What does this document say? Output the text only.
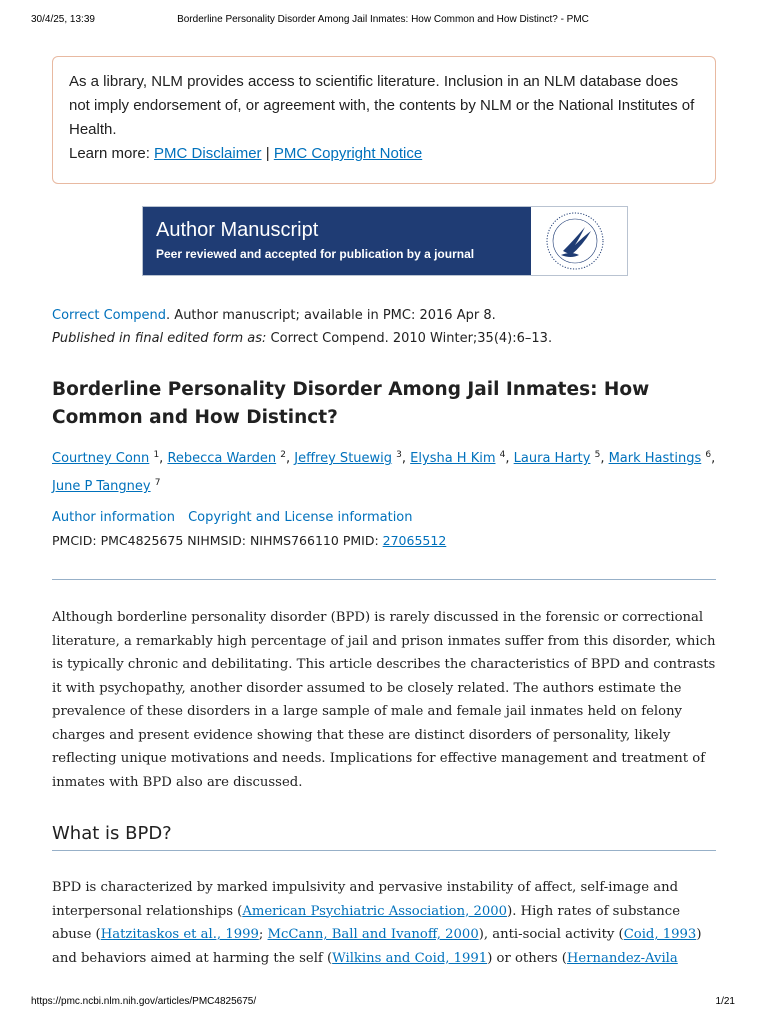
30/4/25, 13:39	Borderline Personality Disorder Among Jail Inmates: How Common and How Distinct? - PMC
As a library, NLM provides access to scientific literature. Inclusion in an NLM database does not imply endorsement of, or agreement with, the contents by NLM or the National Institutes of Health.
Learn more: PMC Disclaimer | PMC Copyright Notice
Author Manuscript
Peer reviewed and accepted for publication by a journal
Correct Compend. Author manuscript; available in PMC: 2016 Apr 8.
Published in final edited form as: Correct Compend. 2010 Winter;35(4):6–13.
Borderline Personality Disorder Among Jail Inmates: How Common and How Distinct?
Courtney Conn $^1$, Rebecca Warden $^2$, Jeffrey Stuewig $^3$, Elysha H Kim $^4$, Laura Harty $^5$, Mark Hastings $^6$,
June P Tangney $^7$
Author information Copyright and License information
PMCID: PMC4825675 NIHMSID: NIHMS766110 PMID: 27065512

Although borderline personality disorder (BPD) is rarely discussed in the forensic or correctional literature, a remarkably high percentage of jail and prison inmates suffer from this disorder, which is typically chronic and debilitating. This article describes the characteristics of BPD and contrasts it with psychopathy, another disorder assumed to be closely related. The authors estimate the prevalence of these disorders in a large sample of male and female jail inmates held on felony charges and present evidence showing that these are distinct disorders of personality, likely reflecting unique motivations and needs. Implications for effective management and treatment of inmates with BPD also are discussed.

What is BPD?

BPD is characterized by marked impulsivity and pervasive instability of affect, self-image and interpersonal relationships (American Psychiatric Association, 2000). High rates of substance abuse (Hatzitaskos et al., 1999; McCann, Ball and Ivanoff, 2000), anti-social activity (Coid, 1993) and behaviors aimed at harming the self (Wilkins and Coid, 1991) or others (Hernandez-Avila

https://pmc.ncbi.nlm.nih.gov/articles/PMC4825675/	1/21
